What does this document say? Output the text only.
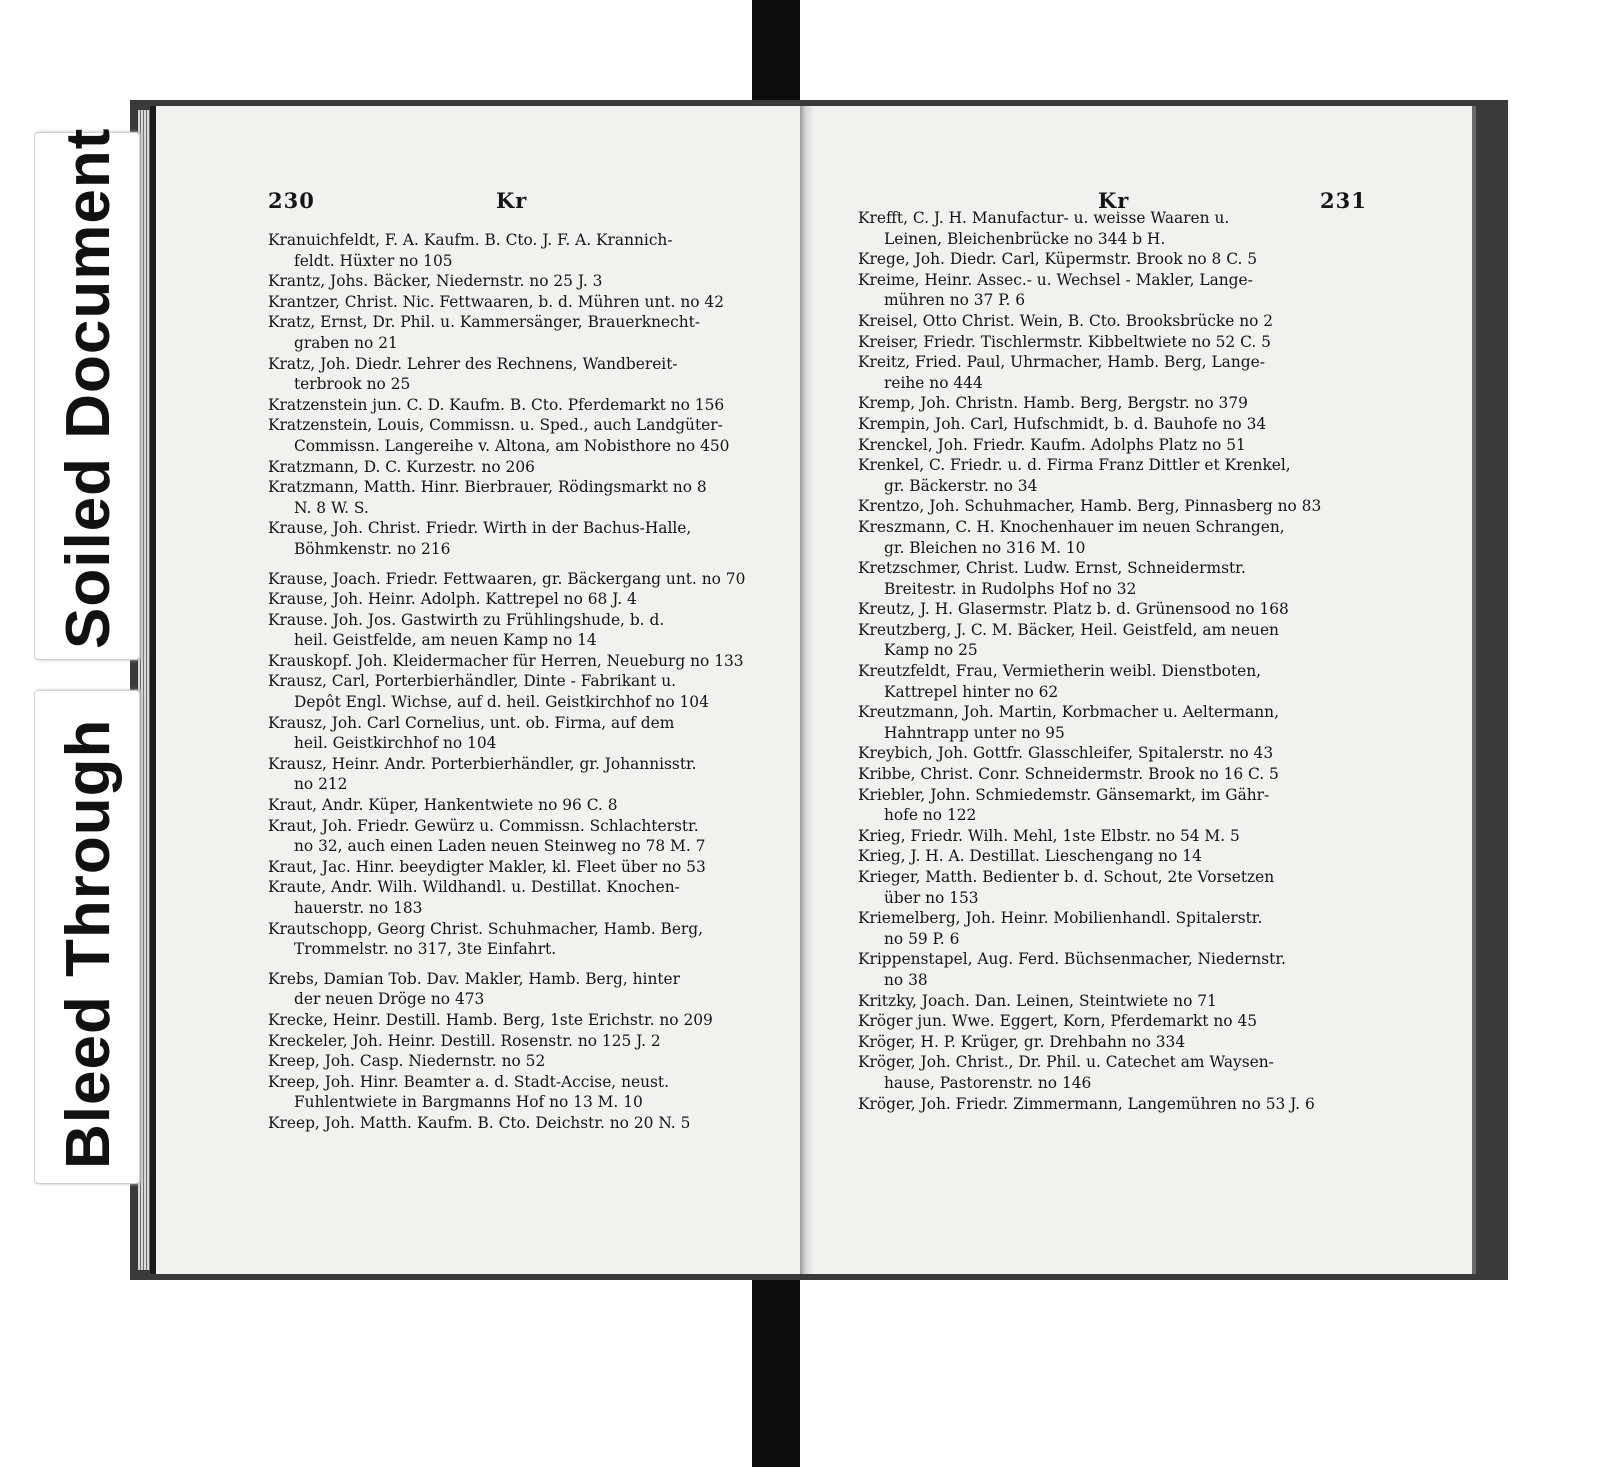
230	Kr

Kranuichfeldt, F. A. Kaufm. B. Cto. J. F. A. Krannich-
feldt. Hüxter no 105

Krantz, Johs. Bäcker, Niedernstr. no 25 J. 3

Krantzer, Christ. Nic. Fettwaaren, b. d. Mühren unt. no 42

Kratz, Ernst, Dr. Phil. u. Kammersänger, Brauerknecht-
graben no 21

Kratz, Joh. Diedr. Lehrer des Rechnens, Wandbereit-
terbrook no 25

Kratzenstein jun. C. D. Kaufm. B. Cto. Pferdemarkt no 156

Kratzenstein, Louis, Commissn. u. Sped., auch Landgüter-
Commissn. Langereihe v. Altona, am Nobisthore no 450

Kratzmann, D. C. Kurzestr. no 206

Kratzmann, Matth. Hinr. Bierbrauer, Rödingsmarkt no 8
N. 8 W. S.

Krause, Joh. Christ. Friedr. Wirth in der Bachus-Halle,
Böhmkenstr. no 216

Krause, Joach. Friedr. Fettwaaren, gr. Bäckergang unt. no 70

Krause, Joh. Heinr. Adolph. Kattrepel no 68 J. 4

Krause. Joh. Jos. Gastwirth zu Frühlingshude, b. d.
heil. Geistfelde, am neuen Kamp no 14

Krauskopf. Joh. Kleidermacher für Herren, Neueburg no 133

Krausz, Carl, Porterbierhändler, Dinte - Fabrikant u.
Depôt Engl. Wichse, auf d. heil. Geistkirchhof no 104

Krausz, Joh. Carl Cornelius, unt. ob. Firma, auf dem
heil. Geistkirchhof no 104

Krausz, Heinr. Andr. Porterbierhändler, gr. Johannisstr.
no 212

Kraut, Andr. Küper, Hankentwiete no 96 C. 8

Kraut, Joh. Friedr. Gewürz u. Commissn. Schlachterstr.
no 32, auch einen Laden neuen Steinweg no 78 M. 7

Kraut, Jac. Hinr. beeydigter Makler, kl. Fleet über no 53

Kraute, Andr. Wilh. Wildhandl. u. Destillat. Knochen-
hauerstr. no 183

Krautschopp, Georg Christ. Schuhmacher, Hamb. Berg,
Trommelstr. no 317, 3te Einfahrt.

Krebs, Damian Tob. Dav. Makler, Hamb. Berg, hinter
der neuen Dröge no 473

Krecke, Heinr. Destill. Hamb. Berg, 1ste Erichstr. no 209

Kreckeler, Joh. Heinr. Destill. Rosenstr. no 125 J. 2

Kreep, Joh. Casp. Niedernstr. no 52

Kreep, Joh. Hinr. Beamter a. d. Stadt-Accise, neust.
Fuhlentwiete in Bargmanns Hof no 13 M. 10

Kreep, Joh. Matth. Kaufm. B. Cto. Deichstr. no 20 N. 5

Kr	231

Krefft, C. J. H. Manufactur- u. weisse Waaren u.
Leinen, Bleichenbrücke no 344 b H.

Krege, Joh. Diedr. Carl, Küpermstr. Brook no 8 C. 5

Kreime, Heinr. Assec.- u. Wechsel - Makler, Lange-
mühren no 37 P. 6

Kreisel, Otto Christ. Wein, B. Cto. Brooksbrücke no 2

Kreiser, Friedr. Tischlermstr. Kibbeltwiete no 52 C. 5

Kreitz, Fried. Paul, Uhrmacher, Hamb. Berg, Lange-
reihe no 444

Kremp, Joh. Christn. Hamb. Berg, Bergstr. no 379

Krempin, Joh. Carl, Hufschmidt, b. d. Bauhofe no 34

Krenckel, Joh. Friedr. Kaufm. Adolphs Platz no 51

Krenkel, C. Friedr. u. d. Firma Franz Dittler et Krenkel,
gr. Bäckerstr. no 34

Krentzo, Joh. Schuhmacher, Hamb. Berg, Pinnasberg no 83

Kreszmann, C. H. Knochenhauer im neuen Schrangen,
gr. Bleichen no 316 M. 10

Kretzschmer, Christ. Ludw. Ernst, Schneidermstr.
Breitestr. in Rudolphs Hof no 32

Kreutz, J. H. Glasermstr. Platz b. d. Grünensood no 168

Kreutzberg, J. C. M. Bäcker, Heil. Geistfeld, am neuen
Kamp no 25

Kreutzfeldt, Frau, Vermietherin weibl. Dienstboten,
Kattrepel hinter no 62

Kreutzmann, Joh. Martin, Korbmacher u. Aeltermann,
Hahntrapp unter no 95

Kreybich, Joh. Gottfr. Glasschleifer, Spitalerstr. no 43

Kribbe, Christ. Conr. Schneidermstr. Brook no 16 C. 5

Kriebler, John. Schmiedemstr. Gänsemarkt, im Gähr-
hofe no 122

Krieg, Friedr. Wilh. Mehl, 1ste Elbstr. no 54 M. 5

Krieg, J. H. A. Destillat. Lieschengang no 14

Krieger, Matth. Bedienter b. d. Schout, 2te Vorsetzen
über no 153

Kriemelberg, Joh. Heinr. Mobilienhandl. Spitalerstr.
no 59 P. 6

Krippenstapel, Aug. Ferd. Büchsenmacher, Niedernstr.
no 38

Kritzky, Joach. Dan. Leinen, Steintwiete no 71

Kröger jun. Wwe. Eggert, Korn, Pferdemarkt no 45

Kröger, H. P. Krüger, gr. Drehbahn no 334

Kröger, Joh. Christ., Dr. Phil. u. Catechet am Waysen-
hause, Pastorenstr. no 146

Kröger, Joh. Friedr. Zimmermann, Langemühren no 53 J. 6

Soiled Document
Bleed Through
